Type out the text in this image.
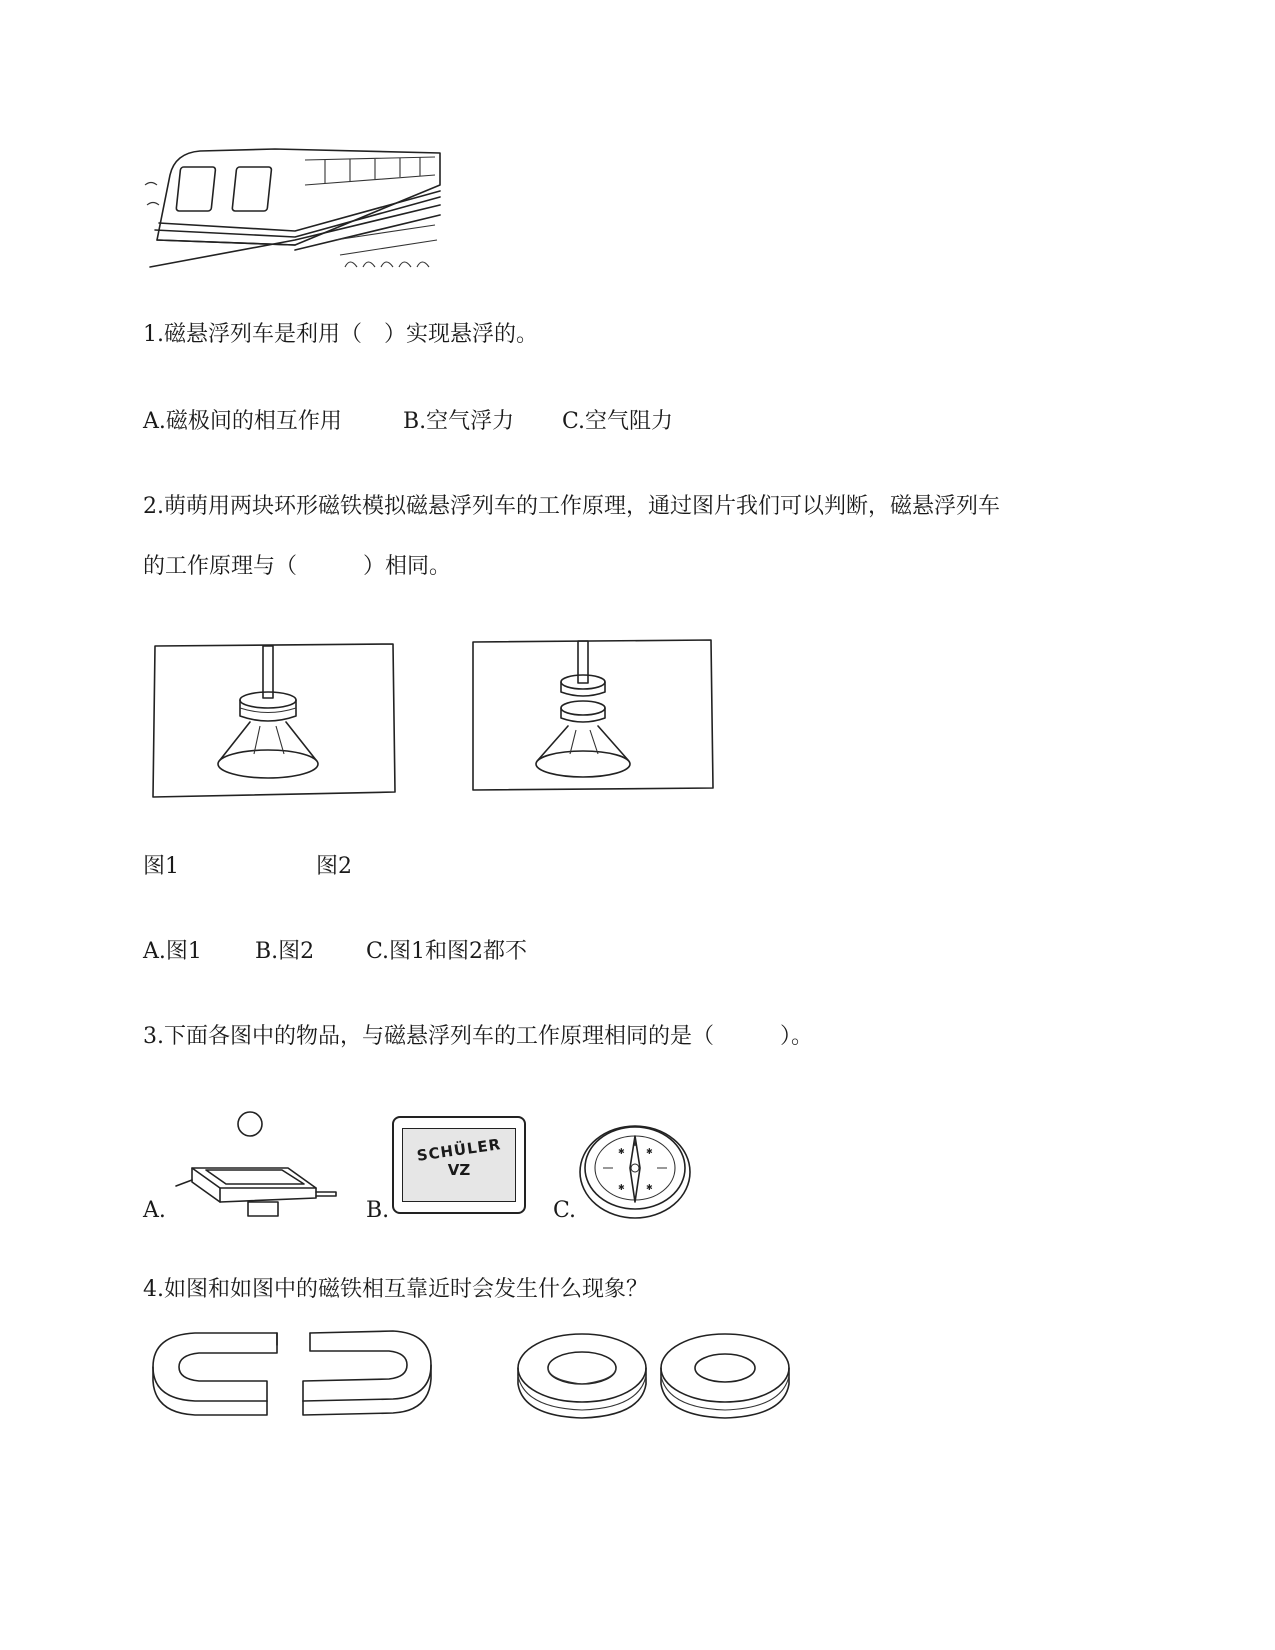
1.磁悬浮列车是利用（　）实现悬浮的。
A.磁极间的相互作用	B.空气浮力 C.空气阻力
2.萌萌用两块环形磁铁模拟磁悬浮列车的工作原理，通过图片我们可以判断，磁悬浮列车
的工作原理与（　　　）相同。
图1	图2
A.图1 B.图2 C.图1和图2都不
3.下面各图中的物品，与磁悬浮列车的工作原理相同的是（　　　）。
A.	B.
SCHÜLER
VZ
C.
✱	✱
✱	✱
4.如图和如图中的磁铁相互靠近时会发生什么现象？
